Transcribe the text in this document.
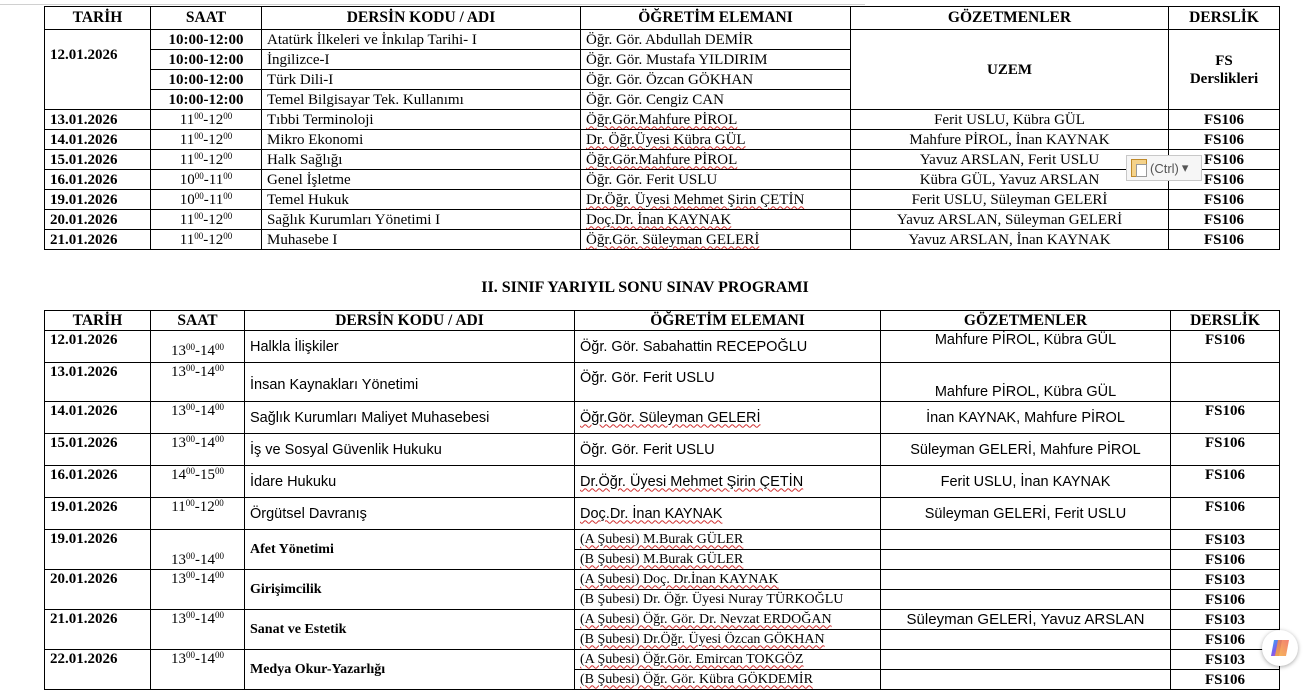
TARİH	SAAT	DERSİN KODU / ADI	ÖĞRETİM ELEMANI	GÖZETMENLER	DERSLİK
12.01.2026	10:00-12:00	Atatürk İlkeleri ve İnkılap Tarihi- I	Öğr. Gör. Abdullah DEMİR	UZEM	FS
Derslikleri

	10:00-12:00	İngilizce-I	Öğr. Gör. Mustafa YILDIRIM		
	10:00-12:00	Türk Dili-I	Öğr. Gör. Özcan GÖKHAN		
	10:00-12:00	Temel Bilgisayar Tek. Kullanımı	Öğr. Gör. Cengiz CAN		
13.01.2026	$11^{00}-12^{00}$	Tıbbi Terminoloji	Öğr.Gör.Mahfure PİROL	Ferit USLU, Kübra GÜL	FS106
14.01.2026	$11^{00}-12^{00}$	Mikro Ekonomi	Dr. Öğr.Üyesi Kübra GÜL	Mahfure PİROL, İnan KAYNAK	FS106
15.01.2026	$11^{00}-12^{00}$	Halk Sağlığı	Öğr.Gör.Mahfure PİROL	Yavuz ARSLAN, Ferit USLU	FS106
16.01.2026	$10^{00}-11^{00}$	Genel İşletme	Öğr. Gör. Ferit USLU	Kübra GÜL, Yavuz ARSLAN	FS106
19.01.2026	$10^{00}-11^{00}$	Temel Hukuk	Dr.Öğr. Üyesi Mehmet Şirin ÇETİN	Ferit USLU, Süleyman GELERİ	FS106
20.01.2026	$11^{00}-12^{00}$	Sağlık Kurumları Yönetimi I	Doç.Dr. İnan KAYNAK	Yavuz ARSLAN, Süleyman GELERİ	FS106
21.01.2026	$11^{00}-12^{00}$	Muhasebe I	Öğr.Gör. Süleyman GELERİ	Yavuz ARSLAN, İnan KAYNAK	FS106
II. SINIF YARIYIL SONU SINAV PROGRAMI
TARİH	SAAT	DERSİN KODU / ADI	ÖĞRETİM ELEMANI	GÖZETMENLER	DERSLİK
12.01.2026	$13^{00}-14^{00}$	Halkla İlişkiler	Öğr. Gör. Sabahattin RECEPOĞLU	Mahfure PİROL, Kübra GÜL	FS106
13.01.2026	$13^{00}-14^{00}$	İnsan Kaynakları Yönetimi	Öğr. Gör. Ferit USLU	Mahfure PİROL, Kübra GÜL	
14.01.2026	$13^{00}-14^{00}$	Sağlık Kurumları Maliyet Muhasebesi	Öğr.Gör. Süleyman GELERİ	İnan KAYNAK, Mahfure PİROL	FS106
15.01.2026	$13^{00}-14^{00}$	İş ve Sosyal Güvenlik Hukuku	Öğr. Gör. Ferit USLU	Süleyman GELERİ, Mahfure PİROL	FS106
16.01.2026	$14^{00}-15^{00}$	İdare Hukuku	Dr.Öğr. Üyesi Mehmet Şirin ÇETİN	Ferit USLU, İnan KAYNAK	FS106
19.01.2026	$11^{00}-12^{00}$	Örgütsel Davranış	Doç.Dr. İnan KAYNAK	Süleyman GELERİ, Ferit USLU	FS106
19.01.2026	$13^{00}-14^{00}$	Afet Yönetimi	(A Şubesi) M.Burak GÜLER		FS103
			(B Şubesi) M.Burak GÜLER		FS106
20.01.2026	$13^{00}-14^{00}$	Girişimcilik	(A Şubesi) Doç. Dr.İnan KAYNAK		FS103
			(B Şubesi) Dr. Öğr. Üyesi Nuray TÜRKOĞLU		FS106
21.01.2026	$13^{00}-14^{00}$	Sanat ve Estetik	(A Şubesi) Öğr. Gör. Dr. Nevzat ERDOĞAN	Süleyman GELERİ, Yavuz ARSLAN	FS103
			(B Şubesi) Dr.Öğr. Üyesi Özcan GÖKHAN		FS106
22.01.2026	$13^{00}-14^{00}$	Medya Okur-Yazarlığı	(A Şubesi) Öğr.Gör. Emircan TOKGÖZ		FS103
			(B Şubesi) Öğr. Gör. Kübra GÖKDEMİR		FS106
(Ctrl) ▾
